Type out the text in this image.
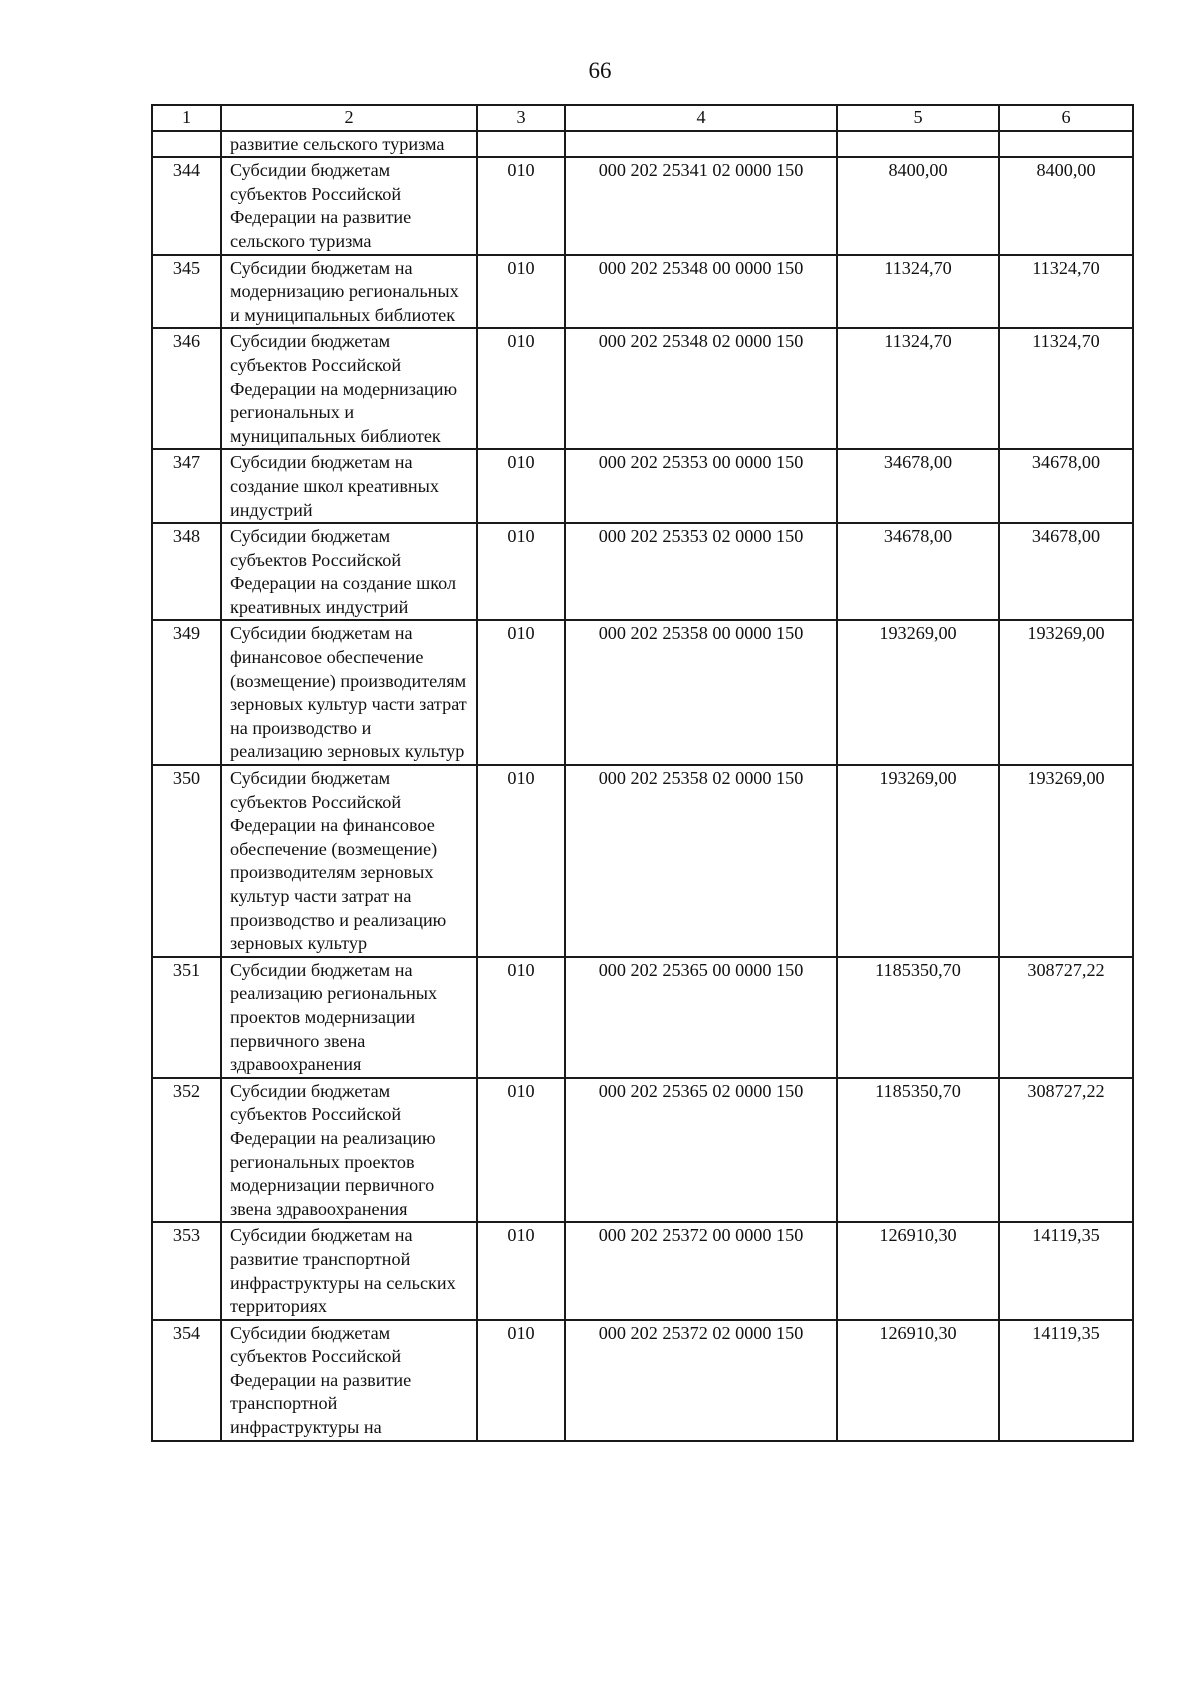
66
1	2	3	4	5	6
	развитие сельского туризма				
344	Субсидии бюджетам субъектов Российской Федерации на развитие сельского туризма	010	000 202 25341 02 0000 150	8400,00	8400,00
345	Субсидии бюджетам на модернизацию региональных и муниципальных библиотек	010	000 202 25348 00 0000 150	11324,70	11324,70
346	Субсидии бюджетам субъектов Российской Федерации на модернизацию региональных и муниципальных библиотек	010	000 202 25348 02 0000 150	11324,70	11324,70
347	Субсидии бюджетам на создание школ креативных индустрий	010	000 202 25353 00 0000 150	34678,00	34678,00
348	Субсидии бюджетам субъектов Российской Федерации на создание школ креативных индустрий	010	000 202 25353 02 0000 150	34678,00	34678,00
349	Субсидии бюджетам на финансовое обеспечение (возмещение) производителям зерновых культур части затрат на производство и реализацию зерновых культур	010	000 202 25358 00 0000 150	193269,00	193269,00
350	Субсидии бюджетам субъектов Российской Федерации на финансовое обеспечение (возмещение) производителям зерновых культур части затрат на производство и реализацию зерновых культур	010	000 202 25358 02 0000 150	193269,00	193269,00
351	Субсидии бюджетам на реализацию региональных проектов модернизации первичного звена здравоохранения	010	000 202 25365 00 0000 150	1185350,70	308727,22
352	Субсидии бюджетам субъектов Российской Федерации на реализацию региональных проектов модернизации первичного звена здравоохранения	010	000 202 25365 02 0000 150	1185350,70	308727,22
353	Субсидии бюджетам на развитие транспортной инфраструктуры на сельских территориях	010	000 202 25372 00 0000 150	126910,30	14119,35
354	Субсидии бюджетам субъектов Российской Федерации на развитие транспортной инфраструктуры на	010	000 202 25372 02 0000 150	126910,30	14119,35
